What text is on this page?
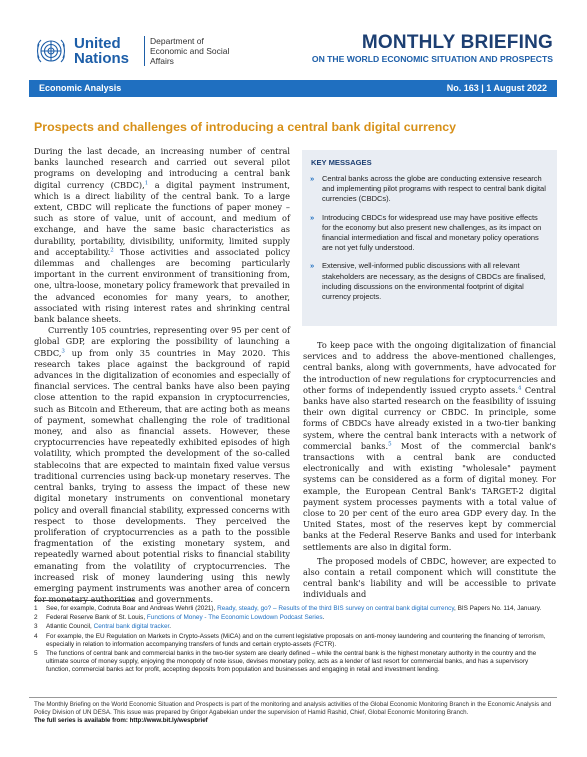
United Nations
Department of Economic and Social Affairs
MONTHLY BRIEFING
ON THE WORLD ECONOMIC SITUATION AND PROSPECTS
Economic Analysis	No. 163 | 1 August 2022
Prospects and challenges of introducing a central bank digital currency

During the last decade, an increasing number of central banks launched research and carried out several pilot programs on developing and introducing a central bank digital currency (CBDC),$^1$ a digital payment instrument, which is a direct liability of the central bank. To a large extent, CBDC will replicate the functions of paper money – such as store of value, unit of account, and medium of exchange, and have the same basic characteristics as durability, portability, divisibility, uniformity, limited supply and acceptability.$^2$ Those activities and associated policy dilemmas and challenges are becoming particularly important in the current environment of transitioning from, one, ultra-loose, monetary policy framework that prevailed in the advanced economies for many years, to another, associated with rising interest rates and shrinking central bank balance sheets.

Currently 105 countries, representing over 95 per cent of global GDP, are exploring the possibility of launching a CBDC,$^3$ up from only 35 countries in May 2020. This research takes place against the background of rapid advances in the digitalization of economies and especially of financial services. The central banks have also been paying close attention to the rapid expansion in cryptocurrencies, such as Bitcoin and Ethereum, that are acting both as means of payment, somewhat challenging the role of traditional money, and also as financial assets. However, these cryptocurrencies have repeatedly exhibited episodes of high volatility, which prompted the development of the so-called stablecoins that are expected to maintain fixed value versus traditional currencies using back-up monetary reserves. The central banks, trying to assess the impact of these new digital monetary instruments on conventional monetary policy and overall financial stability, expressed concerns with respect to those developments. They perceived the proliferation of cryptocurrencies as a path to the possible fragmentation of the existing monetary system, and repeatedly warned about potential risks to financial stability emanating from the volatility of cryptocurrencies. The increased risk of money laundering using this newly emerging payment instruments was another area of concern for monetary authorities and governments.

KEY MESSAGES
» Central banks across the globe are conducting extensive research and implementing pilot programs with respect to central bank digital currencies (CBDCs).
» Introducing CBDCs for widespread use may have positive effects for the economy but also present new challenges, as its impact on financial intermediation and fiscal and monetary policy operations are not yet fully understood.
» Extensive, well-informed public discussions with all relevant stakeholders are necessary, as the designs of CBDCs are finalised, including discussions on the environmental footprint of digital currency projects.

To keep pace with the ongoing digitalization of financial services and to address the above-mentioned challenges, central banks, along with governments, have advocated for the introduction of new regulations for cryptocurrencies and other forms of independently issued crypto assets.$^4$ Central banks have also started research on the feasibility of issuing their own digital currency or CBDC. In principle, some forms of CBDCs have already existed in a two-tier banking system, where the central bank interacts with a network of commercial banks.$^5$ Most of the commercial bank's transactions with a central bank are conducted electronically and with existing "wholesale" payment systems can be considered as a form of digital money. For example, the European Central Bank's TARGET-2 digital payment system processes payments with a total value of close to 20 per cent of the euro area GDP every day. In the United States, most of the reserves kept by commercial banks at the Federal Reserve Banks and used for interbank settlements are also in digital form.

The proposed models of CBDC, however, are expected to also contain a retail component which will constitute the central bank's liability and will be accessible to private individuals and

1	See, for example, Codruta Boar and Andreas Wehrli (2021), Ready, steady, go? – Results of the third BIS survey on central bank digital currency, BIS Papers No. 114, January.
2	Federal Reserve Bank of St. Louis, Functions of Money - The Economic Lowdown Podcast Series.
3	Atlantic Council, Central bank digital tracker.
4	For example, the EU Regulation on Markets in Crypto-Assets (MiCA) and on the current legislative proposals on anti-money laundering and countering the financing of terrorism, especially in relation to information accompanying transfers of funds and certain crypto-assets (FCTR).
5	The functions of central bank and commercial banks in the two-tier system are clearly defined – while the central bank is the highest monetary authority in the country and the ultimate source of money supply, enjoying the monopoly of note issue, devises monetary policy, acts as a lender of last resort for commercial banks, and has a supervisory function, commercial banks act for profit, accepting deposits from population and businesses and engaging in retail and investment lending.
The Monthly Briefing on the World Economic Situation and Prospects is part of the monitoring and analysis activities of the Global Economic Monitoring Branch in the Economic Analysis and Policy Division of UN DESA. This issue was prepared by Grigor Agabekian under the supervision of Hamid Rashid, Chief, Global Economic Monitoring Branch.
The full series is available from: http://www.bit.ly/wespbrief
